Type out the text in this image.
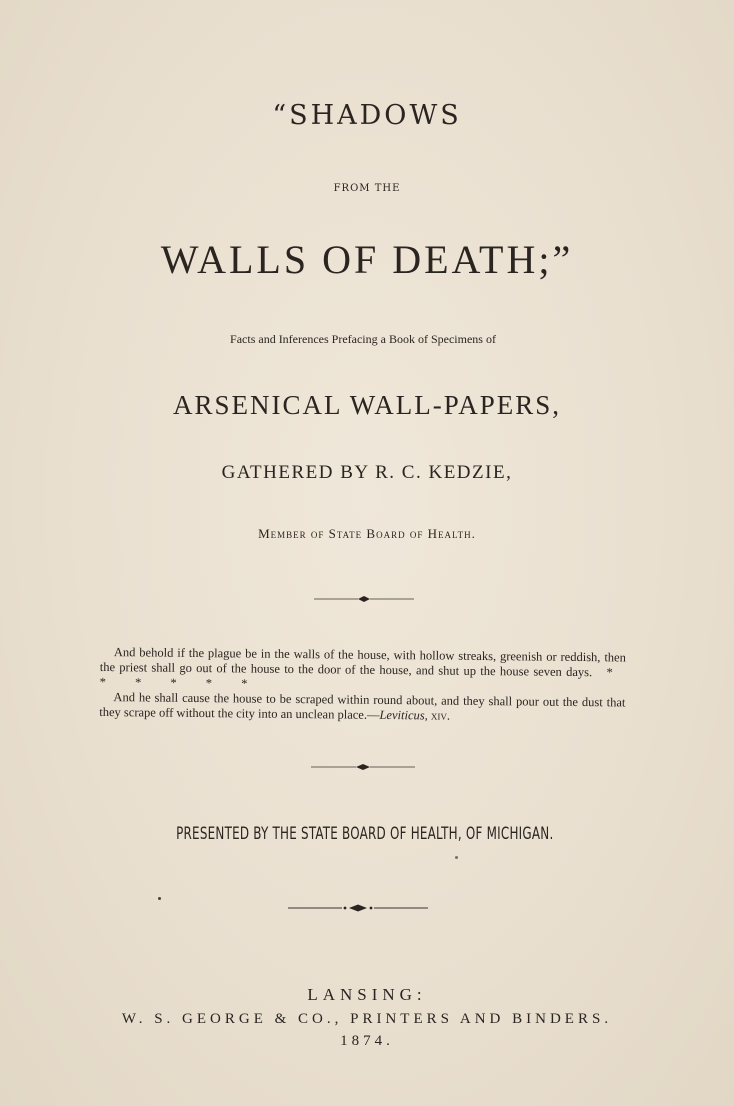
“SHADOWS
FROM THE
WALLS OF DEATH;”
Facts and Inferences Prefacing a Book of Specimens of
ARSENICAL WALL-PAPERS,
GATHERED BY R. C. KEDZIE,
Member of State Board of Health.

And behold if the plague be in the walls of the house, with hollow streaks, greenish or reddish, then the priest shall go out of the house to the door of the house, and shut up the house seven days. * * * * * *

And he shall cause the house to be scraped within round about, and they shall pour out the dust that they scrape off without the city into an unclean place.—Leviticus, xiv.

PRESENTED BY THE STATE BOARD OF HEALTH, OF MICHIGAN.
LANSING:
W. S. GEORGE & CO., PRINTERS AND BINDERS.
1874.
